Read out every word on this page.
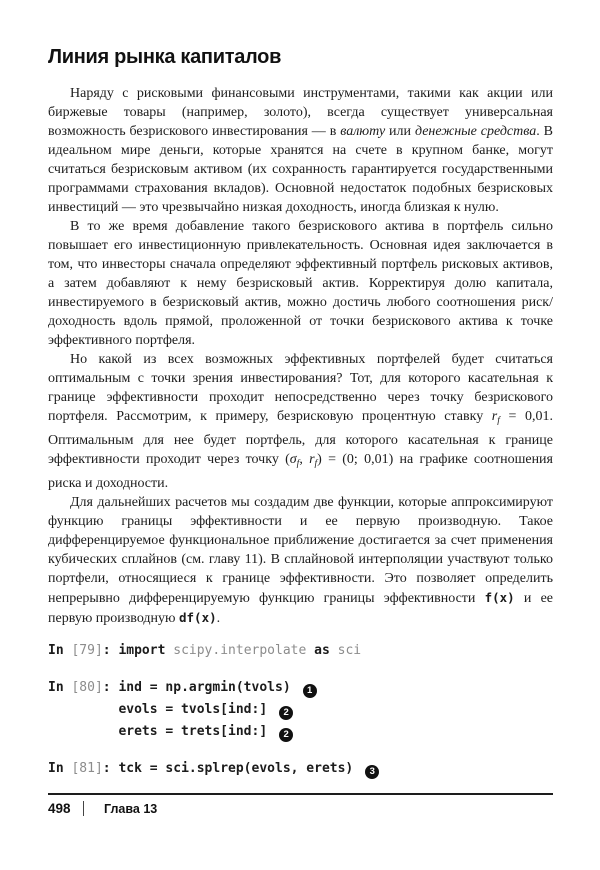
Линия рынка капиталов

Наряду с рисковыми финансовыми инструментами, такими как акции или биржевые товары (например, золото), всегда существует универсальная возможность безрискового инвестирования — в валюту или денежные средства. В идеальном мире деньги, которые хранятся на счете в крупном банке, могут считаться безрисковым активом (их сохранность гарантируется государственными программами страхования вкладов). Основной недостаток подобных безрисковых инвестиций — это чрезвычайно низкая доходность, иногда близкая к нулю.

В то же время добавление такого безрискового актива в портфель сильно повышает его инвестиционную привлекательность. Основная идея заключается в том, что инвесторы сначала определяют эффективный портфель рисковых активов, а затем добавляют к нему безрисковый актив. Корректируя долю капитала, инвестируемого в безрисковый актив, можно достичь любого соотношения риск/доходность вдоль прямой, проложенной от точки безрискового актива к точке эффективного портфеля.

Но какой из всех возможных эффективных портфелей будет считаться оптимальным с точки зрения инвестирования? Тот, для которого касательная к границе эффективности проходит непосредственно через точку безрискового портфеля. Рассмотрим, к примеру, безрисковую процентную ставку $r_f = 0,01$. Оптимальным для нее будет портфель, для которого касательная к границе эффективности проходит через точку ($\sigma_f$, $r_f) = (0$; 0,01) на графике соотношения риска и доходности.

Для дальнейших расчетов мы создадим две функции, которые аппроксимируют функцию границы эффективности и ее первую производную. Такое дифференцируемое функциональное приближение достигается за счет применения кубических сплайнов (см. главу 11). В сплайновой интерполяции участвуют только портфели, относящиеся к границе эффективности. Это позволяет определить непрерывно дифференцируемую функцию границы эффективности f(x) и ее первую производную df(x).

In [79]: import scipy.interpolate as sci
In [80]: ind = np.argmin(tvols) 1
evols = tvols[ind:] 2
erets = trets[ind:] 2
In [81]: tck = sci.splrep(evols, erets) 3
498	Глава 13
